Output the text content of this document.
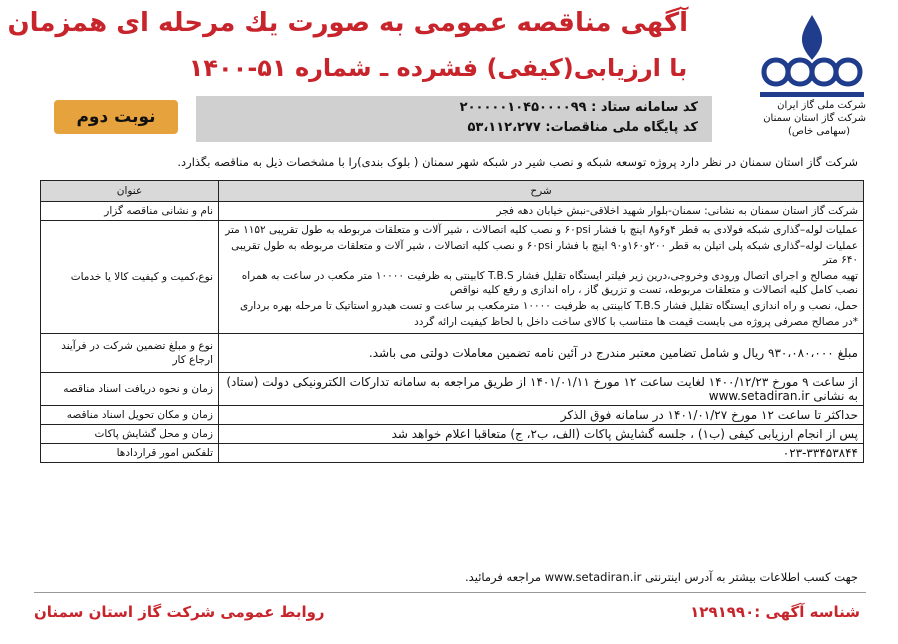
آگهی مناقصه عمومی به صورت یك مرحله ای همزمان
با ارزیابی(کیفی) فشرده ـ شماره ۵۱-۱۴۰۰
شرکت ملی گاز ایران
شرکت گاز استان سمنان
(سهامی خاص)
کد سامانه ستاد : ۲۰۰۰۰۰۱۰۴۵۰۰۰۰۹۹
کد پایگاه ملی مناقصات: ۵۳،۱۱۲،۲۷۷
نوبت دوم
شرکت گاز استان سمنان در نظر دارد پروژه توسعه شبکه و نصب شیر در شبکه شهر سمنان ( بلوک بندی)را با مشخصات ذیل به مناقصه بگذارد.
شرح	عنوان
شرکت گاز استان سمنان به نشانی: سمنان-بلوار شهید اخلاقی-نبش خیابان دهه فجر	نام و نشانی مناقصه گزار

عملیات لوله–گذاری شبکه فولادی به قطر ۴و۶و۸ اینچ با فشار ۶۰psi و نصب کلیه اتصالات ، شیر آلات و متعلقات مربوطه به طول تقریبی ۱۱۵۲ متر
عملیات لوله–گذاری شبکه پلی اتیلن به قطر ۲۰۰و۱۶۰و۹۰ اینچ با فشار ۶۰psi و نصب کلیه اتصالات ، شیر آلات و متعلقات مربوطه به طول تقریبی ۶۴۰ متر
تهیه مصالح و اجرای اتصال ورودی وخروجی،درین زیر فیلتر ایستگاه تقلیل فشار T.B.S کابینتی به ظرفیت ۱۰۰۰۰ متر مکعب در ساعت به همراه نصب کامل کلیه اتصالات و متعلقات مربوطه، تست و تزریق گاز ، راه اندازی و رفع کلیه نواقص
حمل، نصب و راه اندازی ایستگاه تقلیل فشار T.B.S کابینتی به ظرفیت ۱۰۰۰۰ مترمکعب بر ساعت و تست هیدرو استاتیک تا مرحله بهره برداری
*در مصالح مصرفی پروژه می بایست قیمت ها متناسب با کالای ساخت داخل با لحاظ کیفیت ارائه گردد	نوع،کمیت و کیفیت کالا یا خدمات
مبلغ ۹۳۰،۰۸۰،۰۰۰ ریال و شامل تضامین معتبر مندرج در آئین نامه تضمین معاملات دولتی می باشد.	نوع و مبلغ تضمین شرکت در فرآیند ارجاع کار
از ساعت ۹ مورخ ۱۴۰۰/۱۲/۲۳ لغایت ساعت ۱۲ مورخ ۱۴۰۱/۰۱/۱۱ از طریق مراجعه به سامانه تدارکات الکترونیکی دولت (ستاد) به نشانی www.setadiran.ir	زمان و نحوه دریافت اسناد مناقصه
حداکثر تا ساعت ۱۲ مورخ ۱۴۰۱/۰۱/۲۷ در سامانه فوق الذکر	زمان و مکان تحویل اسناد مناقصه
پس از انجام ارزیابی کیفی (ب۱) ، جلسه گشایش پاکات (الف، ب۲، ج) متعاقبا اعلام خواهد شد	زمان و محل گشایش پاکات
۰۲۳-۳۳۴۵۳۸۴۴	تلفکس امور قراردادها
جهت کسب اطلاعات بیشتر به آدرس اینترنتی www.setadiran.ir مراجعه فرمائید.
شناسه آگهی :۱۲۹۱۹۹۰
روابط عمومی شرکت گاز استان سمنان
